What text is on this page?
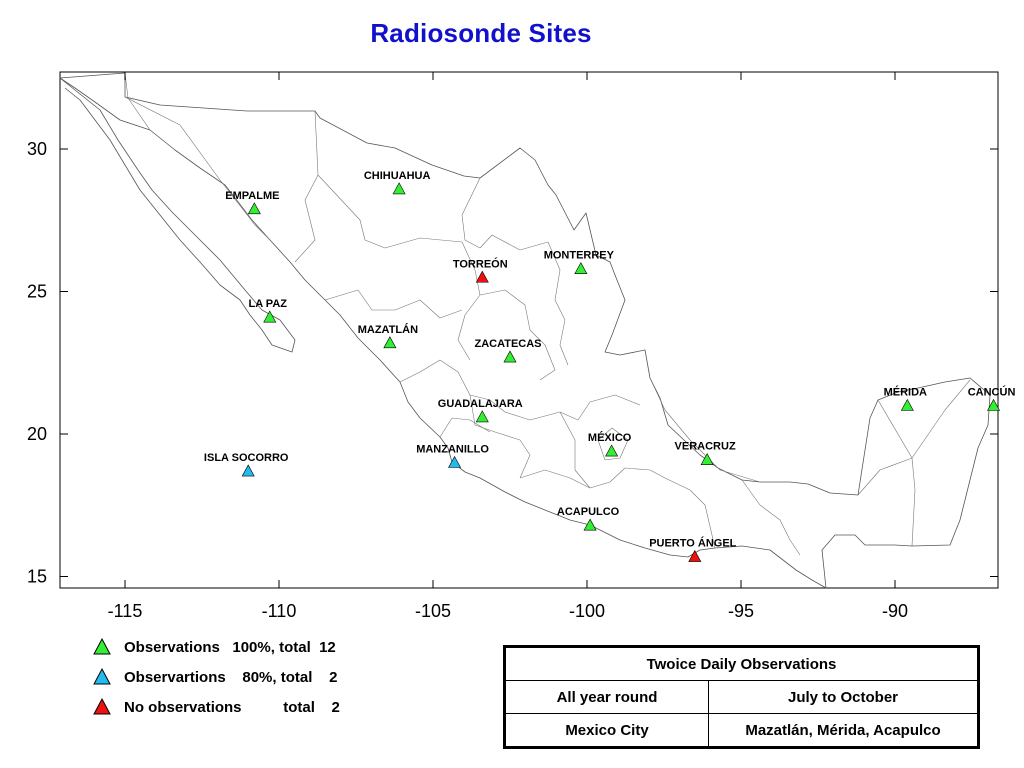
Radiosonde Sites
-115	-110	-105	-100	-95	-90
30
25
20
15
CHIHUAHUA
EMPALME
MONTERREY
TORREÓN
LA PAZ
MAZATLÁN
ZACATECAS
MÉRIDA	CANCÚN
GUADALAJARA
MÉXICO
VERACRUZ
MANZANILLO
ISLA SOCORRO
ACAPULCO
PUERTO ÁNGEL
Observations   100%, total  12
Observartions    80%, total    2
No observations          total    2
Twoice Daily Observations	
All year round	July to October
Mexico City	Mazatlán, Mérida, Acapulco
